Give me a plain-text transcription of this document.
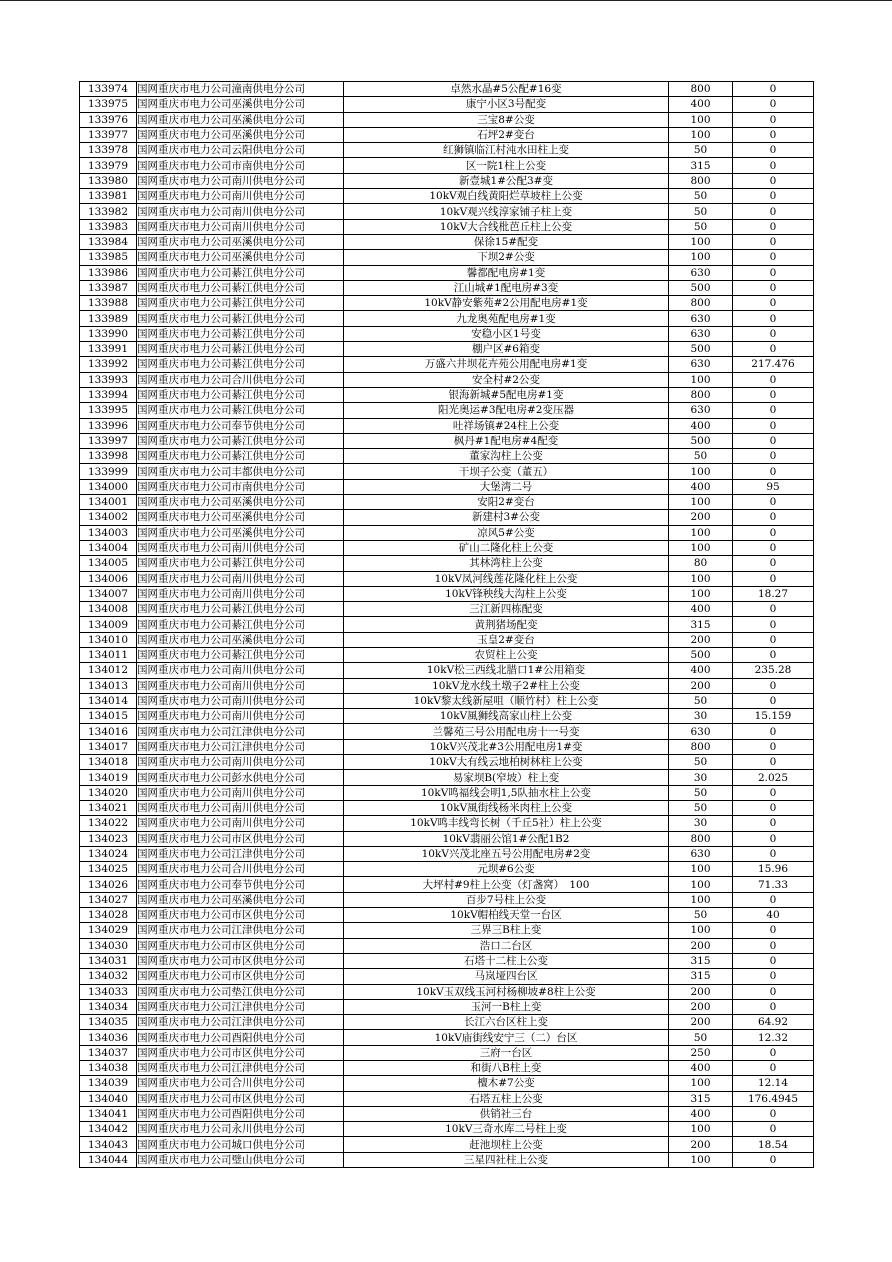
133974	国网重庆市电力公司潼南供电分公司	卓然水晶#5公配#16变	800	0
133975	国网重庆市电力公司巫溪供电分公司	康宁小区3号配变	400	0
133976	国网重庆市电力公司巫溪供电分公司	三宝8#公变	100	0
133977	国网重庆市电力公司巫溪供电分公司	石坪2#变台	100	0
133978	国网重庆市电力公司云阳供电分公司	红狮镇临江村沌水田柱上变	50	0
133979	国网重庆市电力公司市南供电分公司	区一院1柱上公变	315	0
133980	国网重庆市电力公司南川供电分公司	新壹城1#公配3#变	800	0
133981	国网重庆市电力公司南川供电分公司	10kV观白线黄阳烂草坡柱上公变	50	0
133982	国网重庆市电力公司南川供电分公司	10kV观兴线淳家铺子柱上变	50	0
133983	国网重庆市电力公司南川供电分公司	10kV大合线枇芭丘柱上公变	50	0
133984	国网重庆市电力公司巫溪供电分公司	保徐15#配变	100	0
133985	国网重庆市电力公司巫溪供电分公司	下坝2#公变	100	0
133986	国网重庆市电力公司綦江供电分公司	馨都配电房#1变	630	0
133987	国网重庆市电力公司綦江供电分公司	江山城#1配电房#3变	500	0
133988	国网重庆市电力公司綦江供电分公司	10kV静安紫苑#2公用配电房#1变	800	0
133989	国网重庆市电力公司綦江供电分公司	九龙奥苑配电房#1变	630	0
133990	国网重庆市电力公司綦江供电分公司	安稳小区1号变	630	0
133991	国网重庆市电力公司綦江供电分公司	棚户区#6箱变	500	0
133992	国网重庆市电力公司綦江供电分公司	万盛六井坝花卉苑公用配电房#1变	630	217.476
133993	国网重庆市电力公司合川供电分公司	安全村#2公变	100	0
133994	国网重庆市电力公司綦江供电分公司	银海新城#5配电房#1变	800	0
133995	国网重庆市电力公司綦江供电分公司	阳光奥运#3配电房#2变压器	630	0
133996	国网重庆市电力公司奉节供电分公司	吐祥场镇#24柱上公变	400	0
133997	国网重庆市电力公司綦江供电分公司	枫丹#1配电房#4配变	500	0
133998	国网重庆市电力公司綦江供电分公司	董家沟柱上公变	50	0
133999	国网重庆市电力公司丰都供电分公司	干坝子公变（董五）	100	0
134000	国网重庆市电力公司市南供电分公司	大堡湾二号	400	95
134001	国网重庆市电力公司巫溪供电分公司	安阳2#变台	100	0
134002	国网重庆市电力公司巫溪供电分公司	新建村3#公变	200	0
134003	国网重庆市电力公司巫溪供电分公司	凉风5#公变	100	0
134004	国网重庆市电力公司南川供电分公司	矿山二隆化柱上公变	100	0
134005	国网重庆市电力公司綦江供电分公司	其林湾柱上公变	80	0
134006	国网重庆市电力公司南川供电分公司	10kV凤河线莲花隆化柱上公变	100	0
134007	国网重庆市电力公司南川供电分公司	10kV锋秧线大沟柱上公变	100	18.27
134008	国网重庆市电力公司綦江供电分公司	三江新四栋配变	400	0
134009	国网重庆市电力公司綦江供电分公司	黄荆猪场配变	315	0
134010	国网重庆市电力公司巫溪供电分公司	玉皇2#变台	200	0
134011	国网重庆市电力公司綦江供电分公司	农贸柱上公变	500	0
134012	国网重庆市电力公司南川供电分公司	10kV松三西线北腊口1#公用箱变	400	235.28
134013	国网重庆市电力公司南川供电分公司	10kV龙水线土墩子2#柱上公变	200	0
134014	国网重庆市电力公司南川供电分公司	10kV黎太线新屋咀（顺竹村）柱上公变	50	0
134015	国网重庆市电力公司南川供电分公司	10kV風狮线高家山柱上公变	30	15.159
134016	国网重庆市电力公司江津供电分公司	兰馨苑三号公用配电房十一号变	630	0
134017	国网重庆市电力公司江津供电分公司	10kV兴茂北#3公用配电房1#变	800	0
134018	国网重庆市电力公司南川供电分公司	10kV大有线云地柏树林柱上公变	50	0
134019	国网重庆市电力公司彭水供电分公司	易家坝B(窄坡）柱上变	30	2.025
134020	国网重庆市电力公司南川供电分公司	10kV鸣福线会明1,5队抽水柱上公变	50	0
134021	国网重庆市电力公司南川供电分公司	10kV風街线杨米肉柱上公变	50	0
134022	国网重庆市电力公司南川供电分公司	10kV鸣丰线弯长树（千丘5社）柱上公变	30	0
134023	国网重庆市电力公司市区供电分公司	10kV翡丽公馆1#公配1B2	800	0
134024	国网重庆市电力公司江津供电分公司	10kV兴茂北座五号公用配电房#2变	630	0
134025	国网重庆市电力公司合川供电分公司	元坝#6公变	100	15.96
134026	国网重庆市电力公司奉节供电分公司	大坪村#9柱上公变（灯盏窝）　100	100	71.33
134027	国网重庆市电力公司巫溪供电分公司	百步7号柱上公变	100	0
134028	国网重庆市电力公司市区供电分公司	10kV帽柏线天堂一台区	50	40
134029	国网重庆市电力公司江津供电分公司	三界三B柱上变	100	0
134030	国网重庆市电力公司市区供电分公司	浩口二台区	200	0
134031	国网重庆市电力公司市区供电分公司	石塔十二柱上公变	315	0
134032	国网重庆市电力公司市区供电分公司	马岚垭四台区	315	0
134033	国网重庆市电力公司垫江供电分公司	10kV玉双线玉河村杨柳坡#8柱上公变	200	0
134034	国网重庆市电力公司江津供电分公司	玉河一B柱上变	200	0
134035	国网重庆市电力公司江津供电分公司	长江六台区柱上变	200	64.92
134036	国网重庆市电力公司酉阳供电分公司	10kV庙街线安宁三（二）台区	50	12.32
134037	国网重庆市电力公司市区供电分公司	三府一台区	250	0
134038	国网重庆市电力公司江津供电分公司	和街八B柱上变	400	0
134039	国网重庆市电力公司合川供电分公司	檀木#7公变	100	12.14
134040	国网重庆市电力公司市区供电分公司	石塔五柱上公变	315	176.4945
134041	国网重庆市电力公司酉阳供电分公司	供销社三台	400	0
134042	国网重庆市电力公司永川供电分公司	10kV三奇水库二号柱上变	100	0
134043	国网重庆市电力公司城口供电分公司	赶池坝柱上公变	200	18.54
134044	国网重庆市电力公司璧山供电分公司	三星四社柱上公变	100	0
